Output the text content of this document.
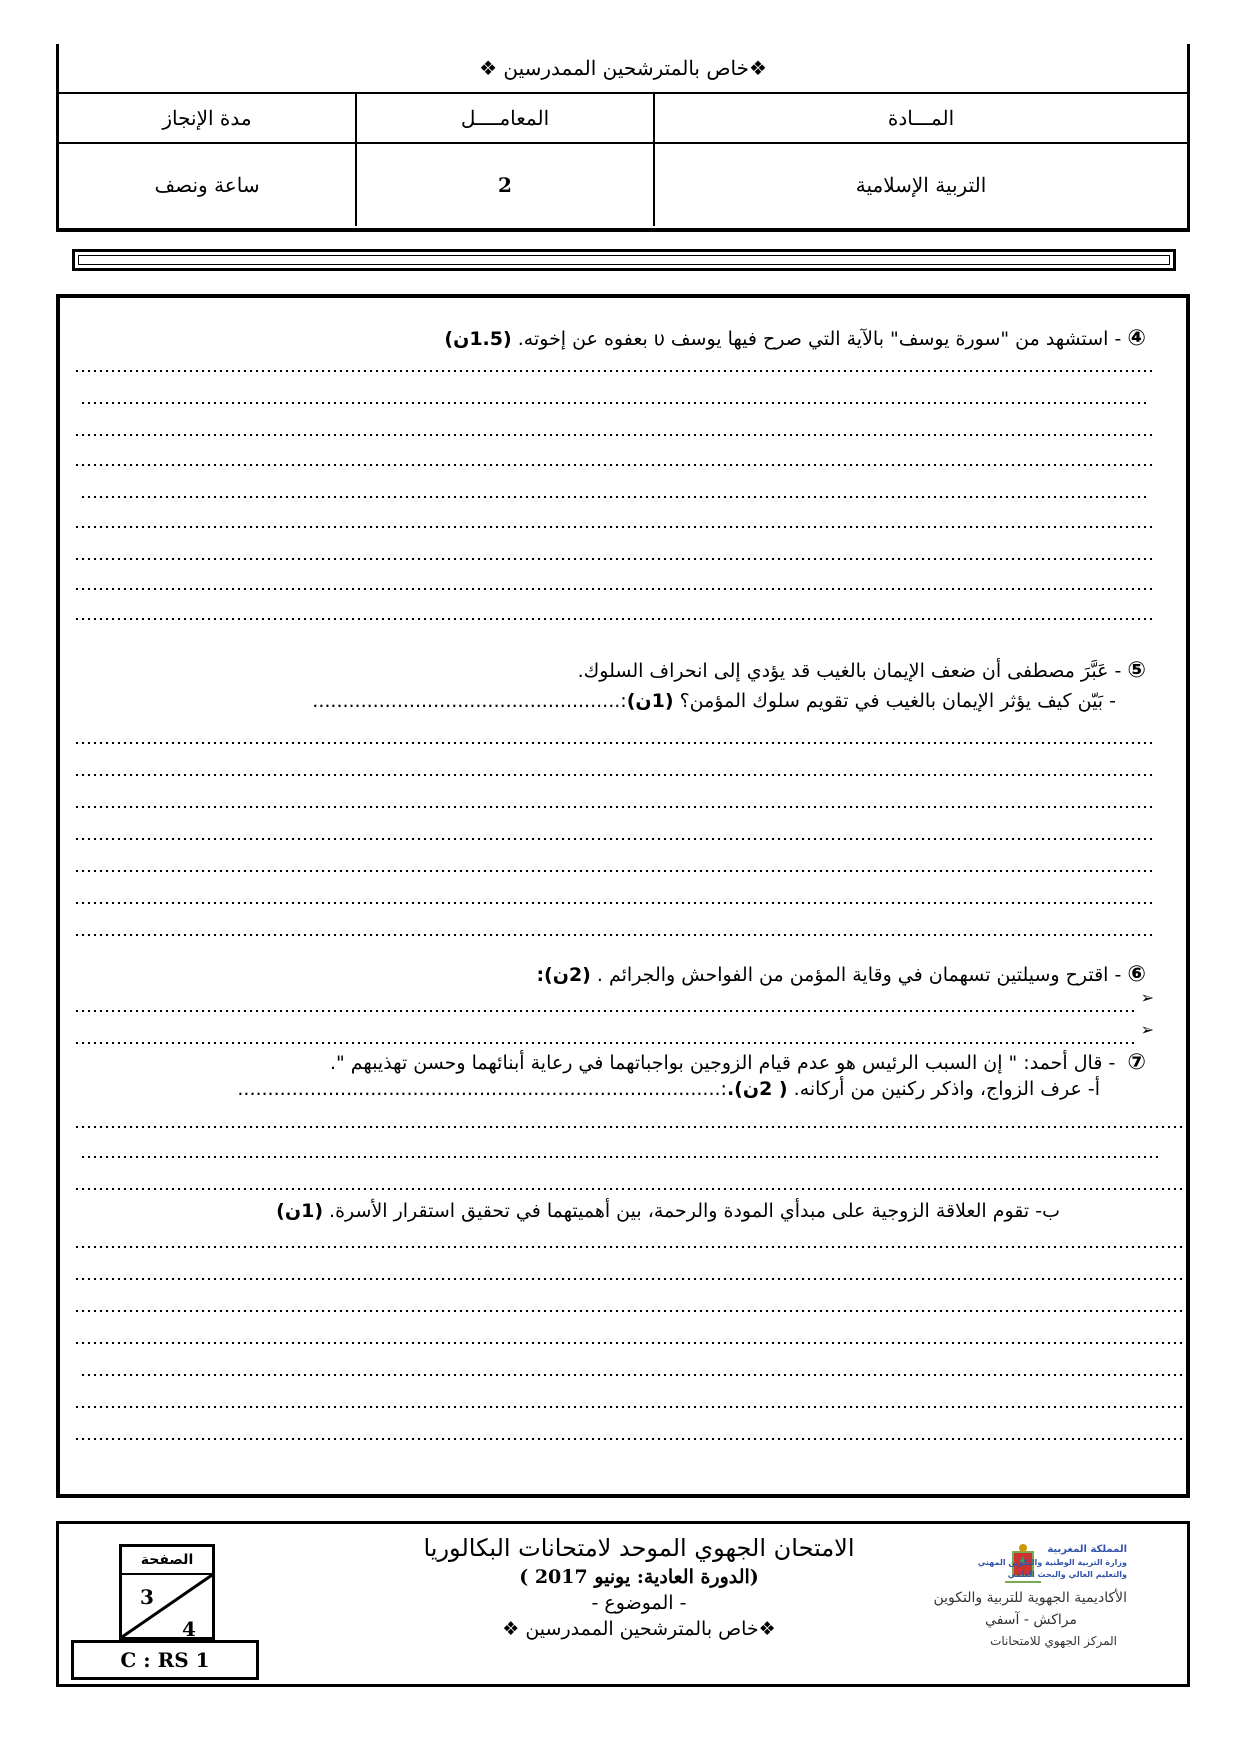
❖خاص بالمترشحين الممدرسين ❖
المـــادة
المعامــــل
مدة الإنجاز
التربية الإسلامية
2
ساعة ونصف
④- استشهد من "سورة يوسف" بالآية التي صرح فيها يوسف υ بعفوه عن إخوته. (1.5ن)
⑤- عَبَّرَ مصطفى أن ضعف الإيمان بالغيب قد يؤدي إلى انحراف السلوك.
- بَيّن كيف يؤثر الإيمان بالغيب في تقويم سلوك المؤمن؟ (1ن):...................................................
⑥- اقترح وسيلتين تسهمان في وقاية المؤمن من الفواحش والجرائم . (2ن):
➢
➢
⑦ - قال أحمد: " إن السبب الرئيس هو عدم قيام الزوجين بواجباتهما في رعاية أبنائهما وحسن تهذيبهم ".
أ- عرف الزواج، واذكر ركنين من أركانه. ( 2ن).:................................................................................
ب- تقوم العلاقة الزوجية على مبدأي المودة والرحمة، بين أهميتهما في تحقيق استقرار الأسرة. (1ن)
الصفحة
3
4
C : RS 1
الامتحان الجهوي الموحد لامتحانات البكالوريا
(الدورة العادية: يونيو 2017 )
- الموضوع -
❖خاص بالمترشحين الممدرسين ❖
المملكة المغربية
وزارة التربية الوطنية والتكوين المهني
والتعليم العالي والبحث العلمي
الأكاديمية الجهوية للتربية والتكوين
مراكش - آسفي
المركز الجهوي للامتحانات
